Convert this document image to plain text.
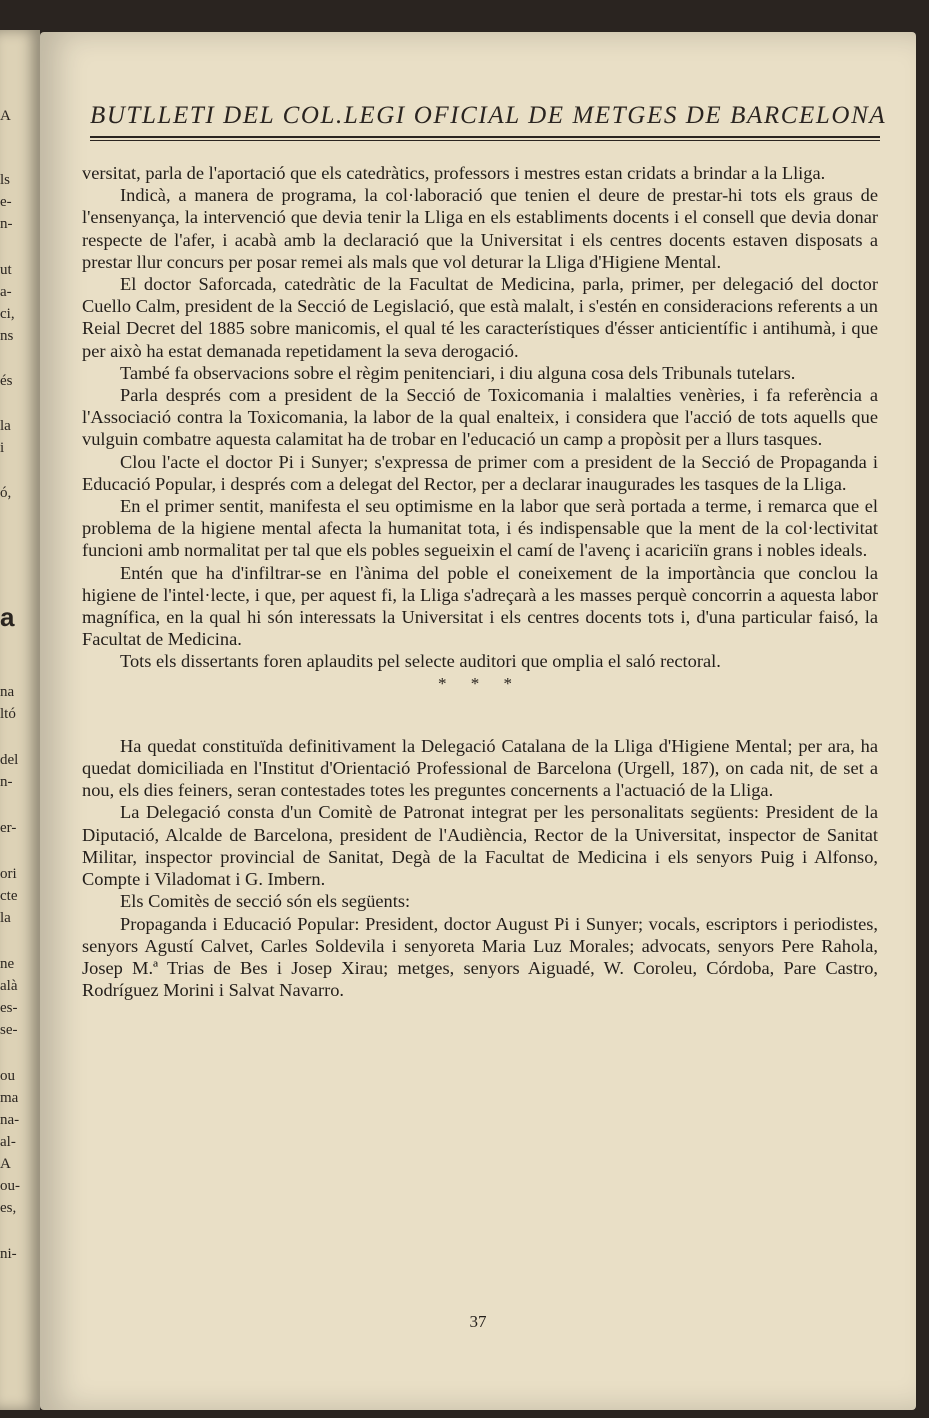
A
ls
e-
n-
ut
a-
ci,
ns
és
la
i
ó,
a
na
ltó
del
n-
er-
ori
cte
la
ne
alà
es-
se-
ou
ma
na-
al-
A
ou-
es,
ni-
BUTLLETI DEL COL.LEGI OFICIAL DE METGES DE BARCELONA

versitat, parla de l'aportació que els catedràtics, professors i mestres estan cridats a brindar a la Lliga.

Indicà, a manera de programa, la col·laboració que tenien el deure de prestar-hi tots els graus de l'ensenyança, la intervenció que devia tenir la Lliga en els establiments docents i el consell que devia donar respecte de l'afer, i acabà amb la declaració que la Universitat i els centres docents estaven disposats a prestar llur concurs per posar remei als mals que vol deturar la Lliga d'Higiene Mental.

El doctor Saforcada, catedràtic de la Facultat de Medicina, parla, primer, per delegació del doctor Cuello Calm, president de la Secció de Legislació, que està malalt, i s'estén en consideracions referents a un Reial Decret del 1885 sobre manicomis, el qual té les característiques d'ésser anticientífic i antihumà, i que per això ha estat demanada repetidament la seva derogació.

També fa observacions sobre el règim penitenciari, i diu alguna cosa dels Tribunals tutelars.

Parla després com a president de la Secció de Toxicomania i malalties venèries, i fa referència a l'Associació contra la Toxicomania, la labor de la qual enalteix, i considera que l'acció de tots aquells que vulguin combatre aquesta calamitat ha de trobar en l'educació un camp a propòsit per a llurs tasques.

Clou l'acte el doctor Pi i Sunyer; s'expressa de primer com a president de la Secció de Propaganda i Educació Popular, i després com a delegat del Rector, per a declarar inaugurades les tasques de la Lliga.

En el primer sentit, manifesta el seu optimisme en la labor que serà portada a terme, i remarca que el problema de la higiene mental afecta la humanitat tota, i és indispensable que la ment de la col·lectivitat funcioni amb normalitat per tal que els pobles segueixin el camí de l'avenç i acariciïn grans i nobles ideals.

Entén que ha d'infiltrar-se en l'ànima del poble el coneixement de la importància que conclou la higiene de l'intel·lecte, i que, per aquest fi, la Lliga s'adreçarà a les masses perquè concorrin a aquesta labor magnífica, en la qual hi són interessats la Universitat i els centres docents tots i, d'una particular faisó, la Facultat de Medicina.

Tots els dissertants foren aplaudits pel selecte auditori que omplia el saló rectoral.

* * *

Ha quedat constituïda definitivament la Delegació Catalana de la Lliga d'Higiene Mental; per ara, ha quedat domiciliada en l'Institut d'Orientació Professional de Barcelona (Urgell, 187), on cada nit, de set a nou, els dies feiners, seran contestades totes les preguntes concernents a l'actuació de la Lliga.

La Delegació consta d'un Comitè de Patronat integrat per les personalitats següents: President de la Diputació, Alcalde de Barcelona, president de l'Audiència, Rector de la Universitat, inspector de Sanitat Militar, inspector provincial de Sanitat, Degà de la Facultat de Medicina i els senyors Puig i Alfonso, Compte i Viladomat i G. Imbern.

Els Comitès de secció són els següents:

Propaganda i Educació Popular: President, doctor August Pi i Sunyer; vocals, escriptors i periodistes, senyors Agustí Calvet, Carles Soldevila i senyoreta Maria Luz Morales; advocats, senyors Pere Rahola, Josep M.ª Trias de Bes i Josep Xirau; metges, senyors Aiguadé, W. Coroleu, Córdoba, Pare Castro, Rodríguez Morini i Salvat Navarro.

37
